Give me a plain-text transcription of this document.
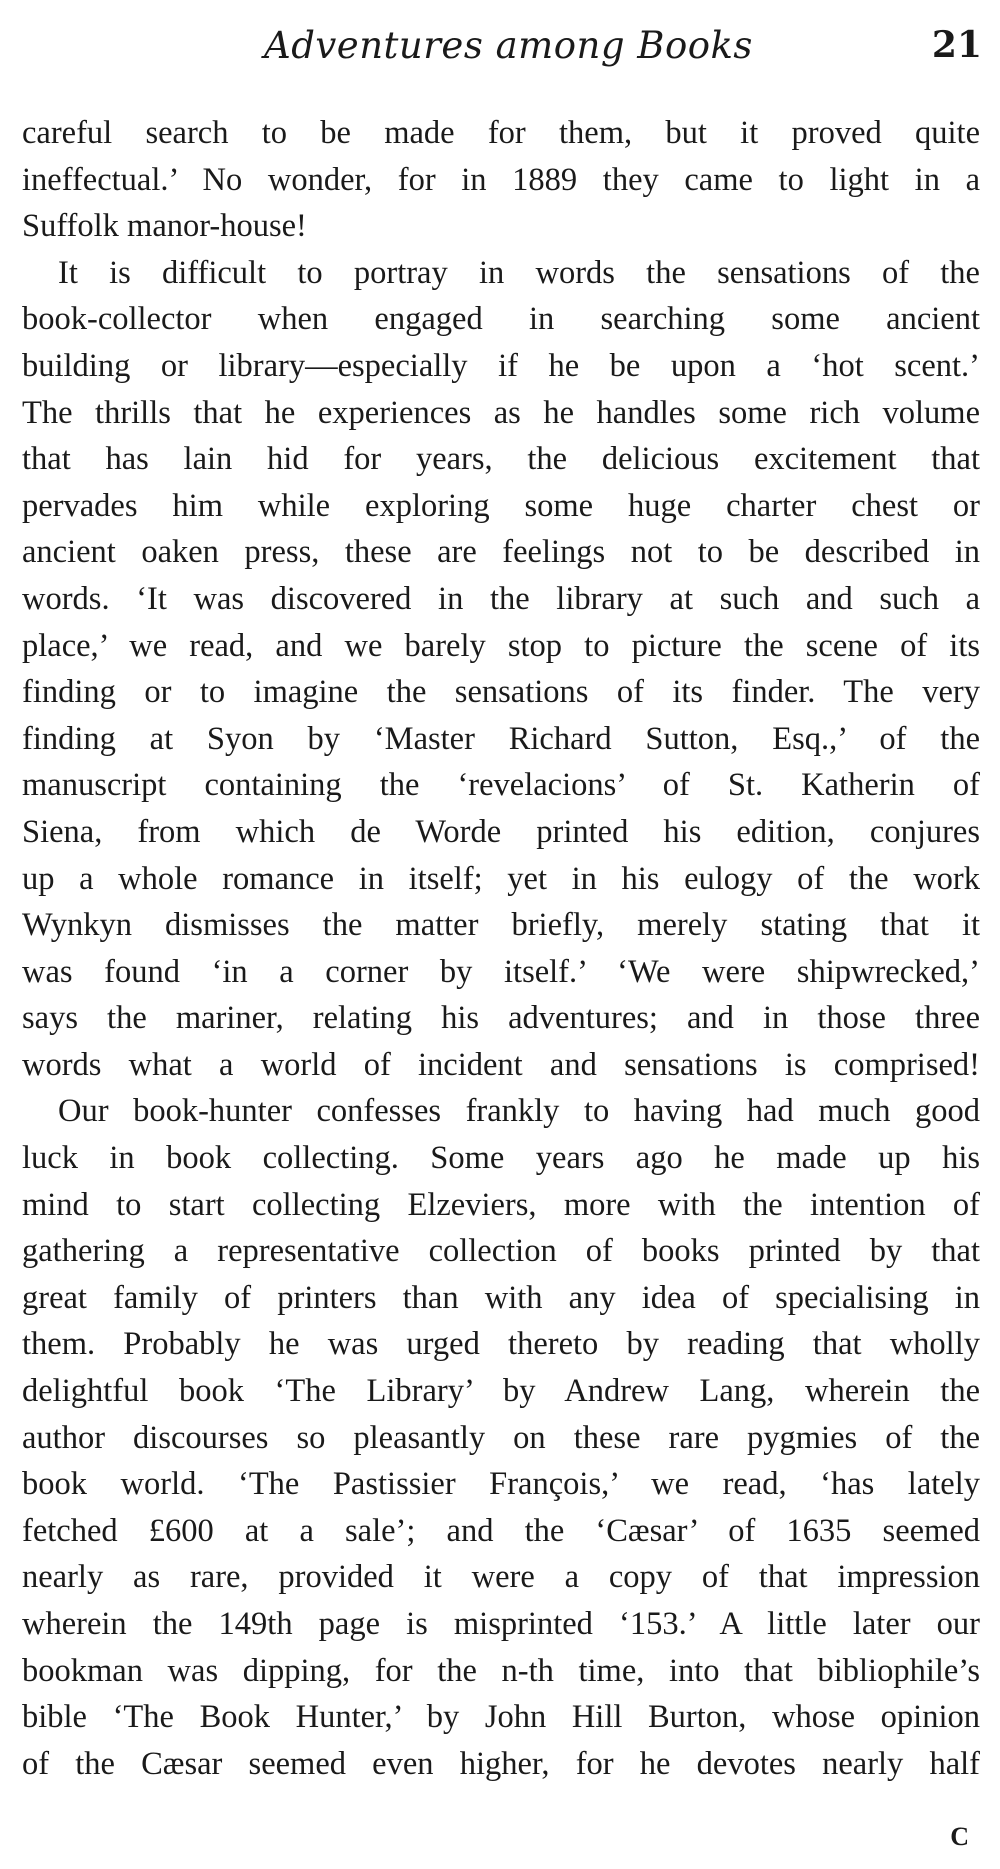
Adventures among Books	21
careful search to be made for them, but it proved quite
ineffectual.’ No wonder, for in 1889 they came to light in a
Suffolk manor-house!
It is difficult to portray in words the sensations of the
book-collector when engaged in searching some ancient
building or library—especially if he be upon a ‘hot scent.’
The thrills that he experiences as he handles some rich volume
that has lain hid for years, the delicious excitement that
pervades him while exploring some huge charter chest or
ancient oaken press, these are feelings not to be described in
words. ‘It was discovered in the library at such and such a
place,’ we read, and we barely stop to picture the scene of its
finding or to imagine the sensations of its finder. The very
finding at Syon by ‘Master Richard Sutton, Esq.,’ of the
manuscript containing the ‘revelacions’ of St. Katherin of
Siena, from which de Worde printed his edition, conjures
up a whole romance in itself; yet in his eulogy of the work
Wynkyn dismisses the matter briefly, merely stating that it
was found ‘in a corner by itself.’ ‘We were shipwrecked,’
says the mariner, relating his adventures; and in those three
words what a world of incident and sensations is comprised!
Our book-hunter confesses frankly to having had much good
luck in book collecting. Some years ago he made up his
mind to start collecting Elzeviers, more with the intention of
gathering a representative collection of books printed by that
great family of printers than with any idea of specialising in
them. Probably he was urged thereto by reading that wholly
delightful book ‘The Library’ by Andrew Lang, wherein the
author discourses so pleasantly on these rare pygmies of the
book world. ‘The Pastissier François,’ we read, ‘has lately
fetched £600 at a sale’; and the ‘Cæsar’ of 1635 seemed
nearly as rare, provided it were a copy of that impression
wherein the 149th page is misprinted ‘153.’ A little later our
bookman was dipping, for the n-th time, into that bibliophile’s
bible ‘The Book Hunter,’ by John Hill Burton, whose opinion
of the Cæsar seemed even higher, for he devotes nearly half
C
